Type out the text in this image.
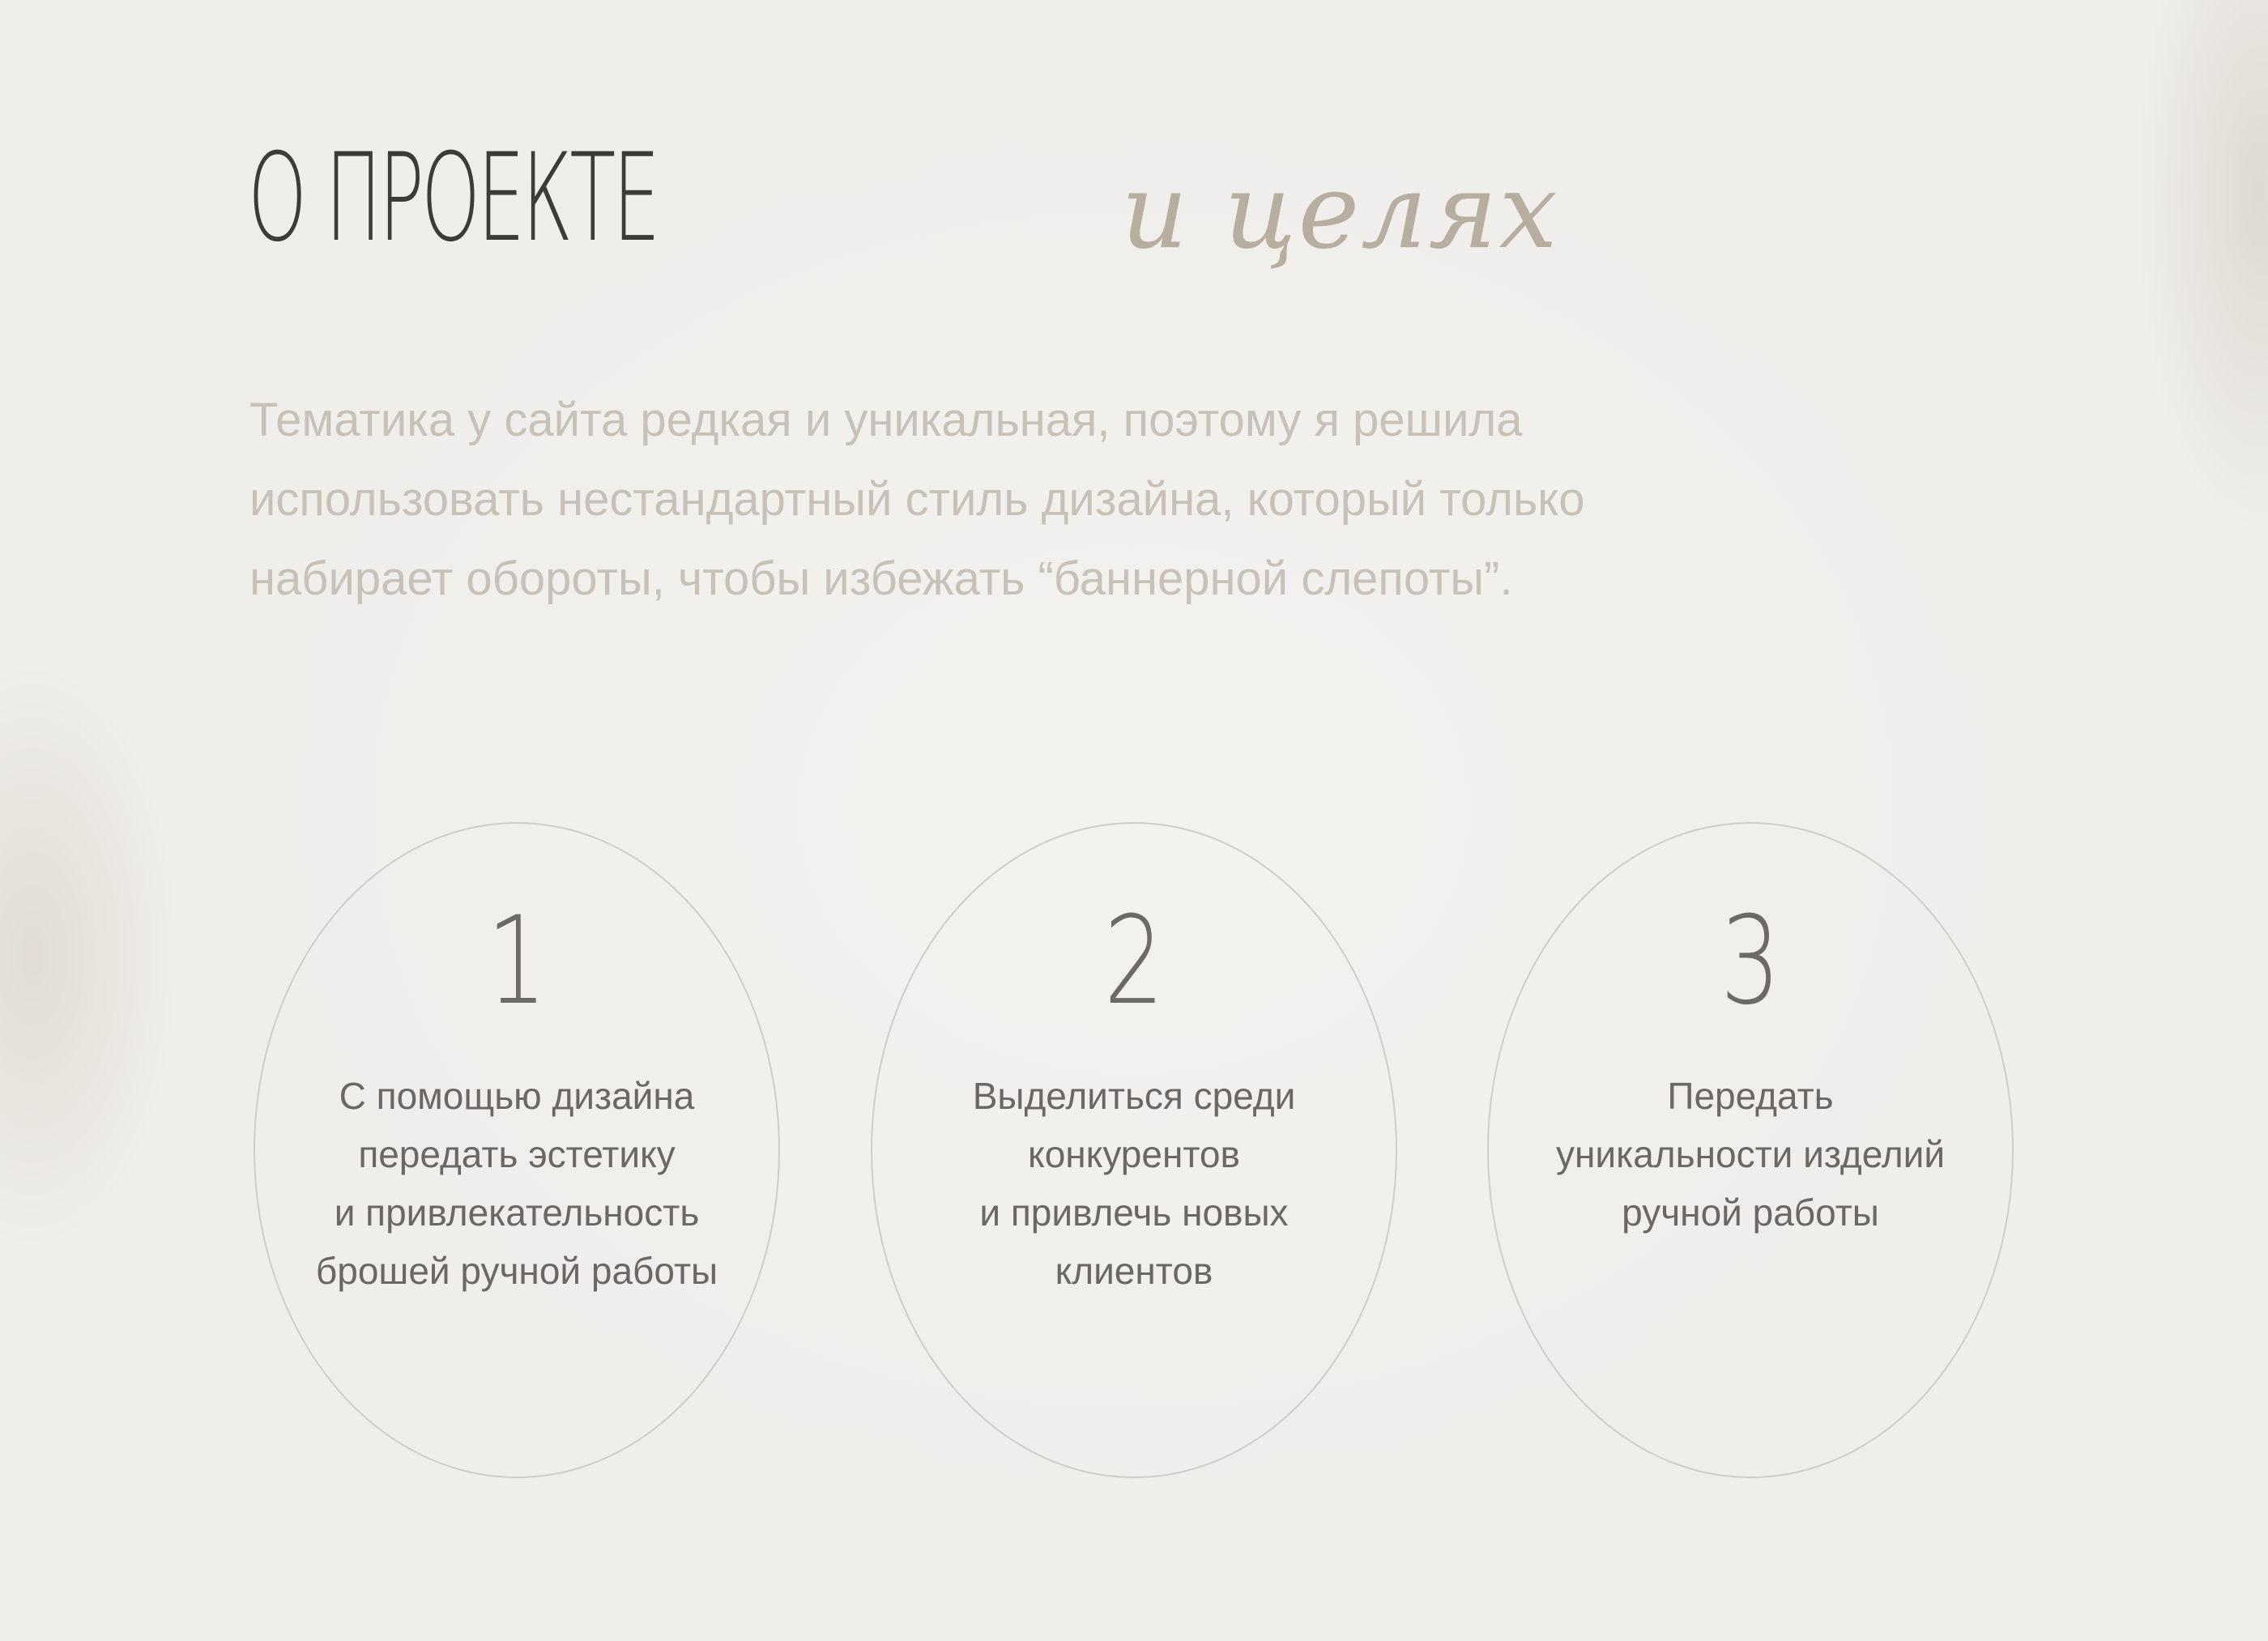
О ПРОЕКТЕ	и целях
Тематика у сайта редкая и уникальная, поэтому я решила
использовать нестандартный стиль дизайна, который только
набирает обороты, чтобы избежать “баннерной слепоты”.
1
С помощью дизайна
передать эстетику
и привлекательность
брошей ручной работы
2
Выделиться среди
конкурентов
и привлечь новых
клиентов
3
Передать
уникальности изделий
ручной работы
